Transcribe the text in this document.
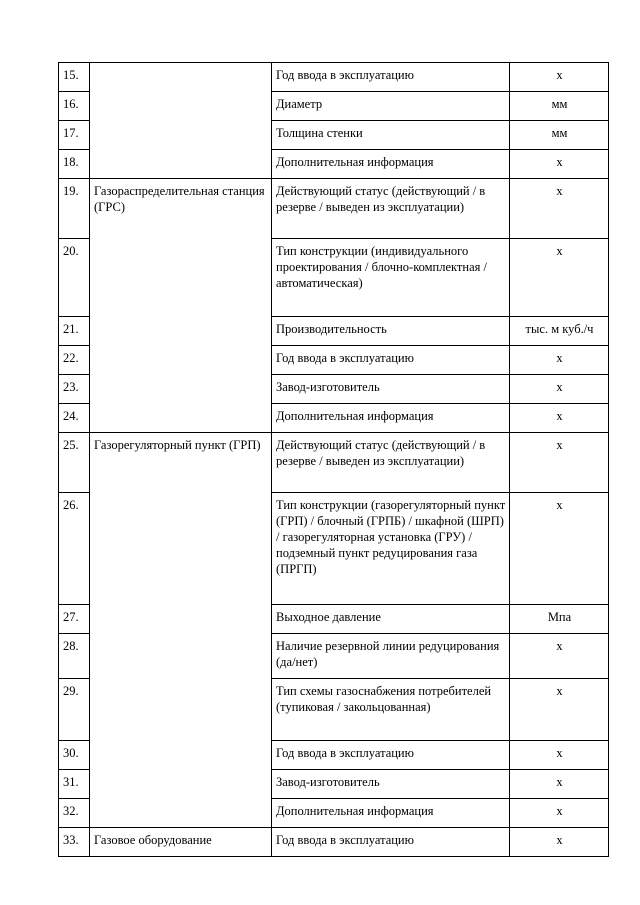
15.		Год ввода в эксплуатацию	х
16.		Диаметр	мм
17.		Толщина стенки	мм
18.		Дополнительная информация	х
19.	Газораспределительная станция (ГРС)	Действующий статус (действующий / в резерве / выведен из эксплуатации)	х
20.		Тип конструкции (индивидуального проектирования / блочно-комплектная / автоматическая)	х
21.		Производительность	тыс. м куб./ч
22.		Год ввода в эксплуатацию	х
23.		Завод-изготовитель	х
24.		Дополнительная информация	х
25.	Газорегуляторный пункт (ГРП)	Действующий статус (действующий / в резерве / выведен из эксплуатации)	х
26.		Тип конструкции (газорегуляторный пункт (ГРП) / блочный (ГРПБ) / шкафной (ШРП) / газорегуляторная установка (ГРУ) / подземный пункт редуцирования газа (ПРГП)	х
27.		Выходное давление	Мпа
28.		Наличие резервной линии редуцирования (да/нет)	х
29.		Тип схемы газоснабжения потребителей (тупиковая / закольцованная)	х
30.		Год ввода в эксплуатацию	х
31.		Завод-изготовитель	х
32.		Дополнительная информация	х
33.	Газовое оборудование	Год ввода в эксплуатацию	х
